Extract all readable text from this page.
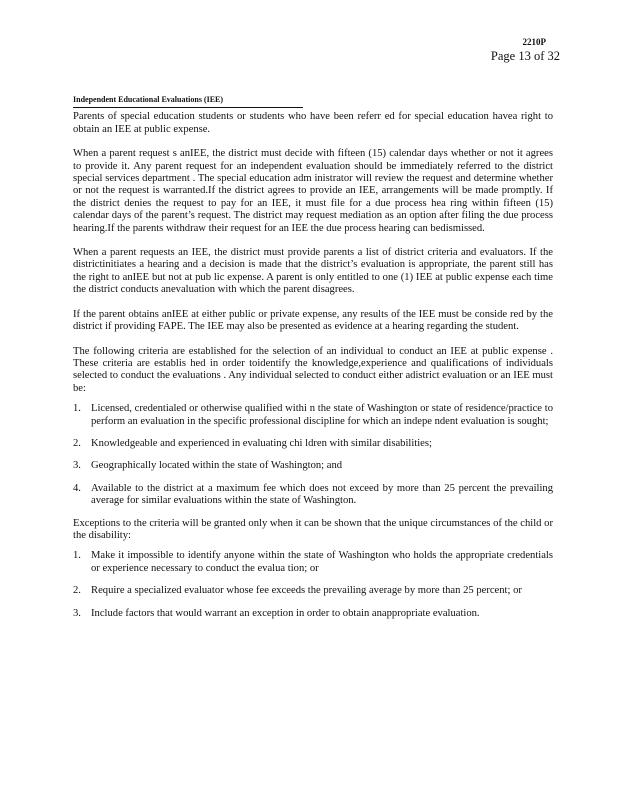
2210P
Page 13 of 32
Independent Educational Evaluations (IEE)

Parents of special education students or students who have been referr ed for special education havea right to obtain an IEE at public expense.

When a parent request s anIEE, the district must decide with fifteen (15) calendar days whether or not it agrees to provide it. Any parent request for an independent evaluation should be immediately referred to the district special services department . The special education adm inistrator will review the request and determine whether or not the request is warranted.If the district agrees to provide an IEE, arrangements will be made promptly. If the district denies the request to pay for an IEE, it must file for a due process hea ring within fifteen (15) calendar days of the parent’s request. The district may request mediation as an option after filing the due process hearing.If the parents withdraw their request for an IEE the due process hearing can bedismissed.

When a parent requests an IEE, the district must provide parents a list of district criteria and evaluators. If the districtinitiates a hearing and a decision is made that the district’s evaluation is appropriate, the parent still has the right to anIEE but not at pub lic expense. A parent is only entitled to one (1) IEE at public expense each time the district conducts anevaluation with which the parent disagrees.

If the parent obtains anIEE at either public or private expense, any results of the IEE must be conside red by the district if providing FAPE. The IEE may also be presented as evidence at a hearing regarding the student.

The following criteria are established for the selection of an individual to conduct an IEE at public expense . These criteria are establis hed in order toidentify the knowledge,experience and qualifications of individuals selected to conduct the evaluations . Any individual selected to conduct either adistrict evaluation or an IEE must be:

1. Licensed, credentialed or otherwise qualified withi n the state of Washington or state of residence/practice to perform an evaluation in the specific professional discipline for which an indepe ndent evaluation is sought;
2. Knowledgeable and experienced in evaluating chi ldren with similar disabilities;
3. Geographically located within the state of Washington; and
4. Available to the district at a maximum fee which does not exceed by more than 25 percent the prevailing average for similar evaluations within the state of Washington.

Exceptions to the criteria will be granted only when it can be shown that the unique circumstances of the child or the disability:

1. Make it impossible to identify anyone within the state of Washington who holds the appropriate credentials or experience necessary to conduct the evalua tion; or
2. Require a specialized evaluator whose fee exceeds the prevailing average by more than 25 percent; or
3. Include factors that would warrant an exception in order to obtain anappropriate evaluation.
